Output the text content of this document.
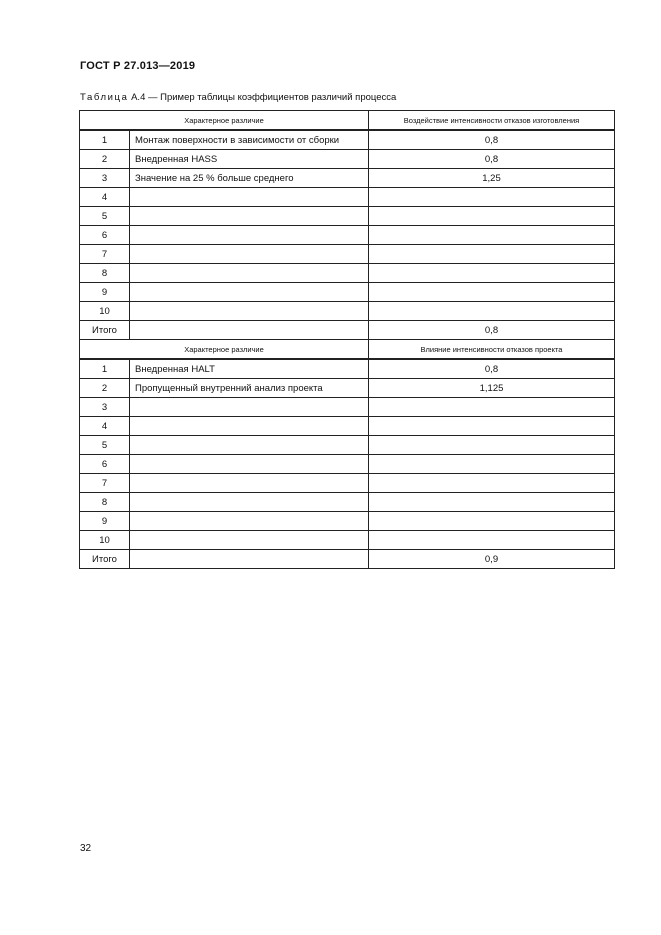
ГОСТ Р 27.013—2019
Таблица А.4 — Пример таблицы коэффициентов различий процесса
Характерное различие		Воздействие интенсивности отказов изготовления
1	Монтаж поверхности в зависимости от сборки	0,8
2	Внедренная HASS	0,8
3	Значение на 25 % больше среднего	1,25
4		
5		
6		
7		
8		
9		
10		
Итого		0,8
Характерное различие		Влияние интенсивности отказов проекта
1	Внедренная HALT	0,8
2	Пропущенный внутренний анализ проекта	1,125
3		
4		
5		
6		
7		
8		
9		
10		
Итого		0,9
32
